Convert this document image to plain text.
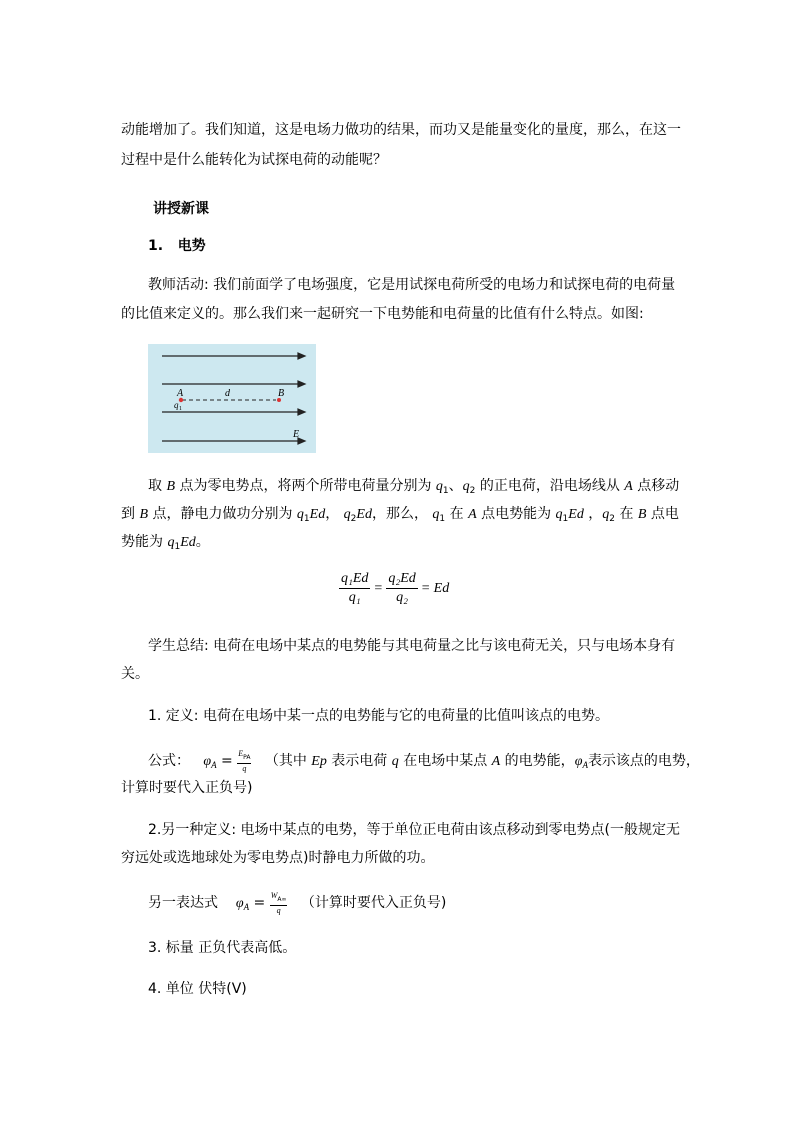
动能增加了。我们知道，这是电场力做功的结果，而功又是能量变化的量度，那么，在这一
过程中是什么能转化为试探电荷的动能呢？
讲授新课
1. 电势
教师活动: 我们前面学了电场强度，它是用试探电荷所受的电场力和试探电荷的电荷量
的比值来定义的。那么我们来一起研究一下电势能和电荷量的比值有什么特点。如图:
A	B
d
q 1
E
取 B 点为零电势点，将两个所带电荷量分别为 $q_1$、$q_2$ 的正电荷，沿电场线从 A 点移动
到 B 点，静电力做功分别为 $q_1Ed$， $q_2Ed$，那么， $q_1$ 在 A 点电势能为 $q_1Ed$ ，$q_2$ 在 B 点电
势能为 $q_1Ed$。
$\frac{\text{q₁Ed}}{\text{q₁}} = \frac{\text{q₂Ed}}{\text{q₂}} = Ed$
学生总结: 电荷在电场中某点的电势能与其电荷量之比与该电荷无关，只与电场本身有
关。
1. 定义: 电荷在电场中某一点的电势能与它的电荷量的比值叫该点的电势。
公式： $\varphi_A = \frac{E_{PA}}{q}$ （其中 Ep 表示电荷 q 在电场中某点 A 的电势能，$\varphi_A$表示该点的电势，
计算时要代入正负号)
2.另一种定义: 电场中某点的电势，等于单位正电荷由该点移动到零电势点(一般规定无
穷远处或选地球处为零电势点)时静电力所做的功。
另一表达式 $\varphi_A = \frac{W_{A\infty}}{q}$ （计算时要代入正负号)
3. 标量 正负代表高低。
4. 单位 伏特(V)
